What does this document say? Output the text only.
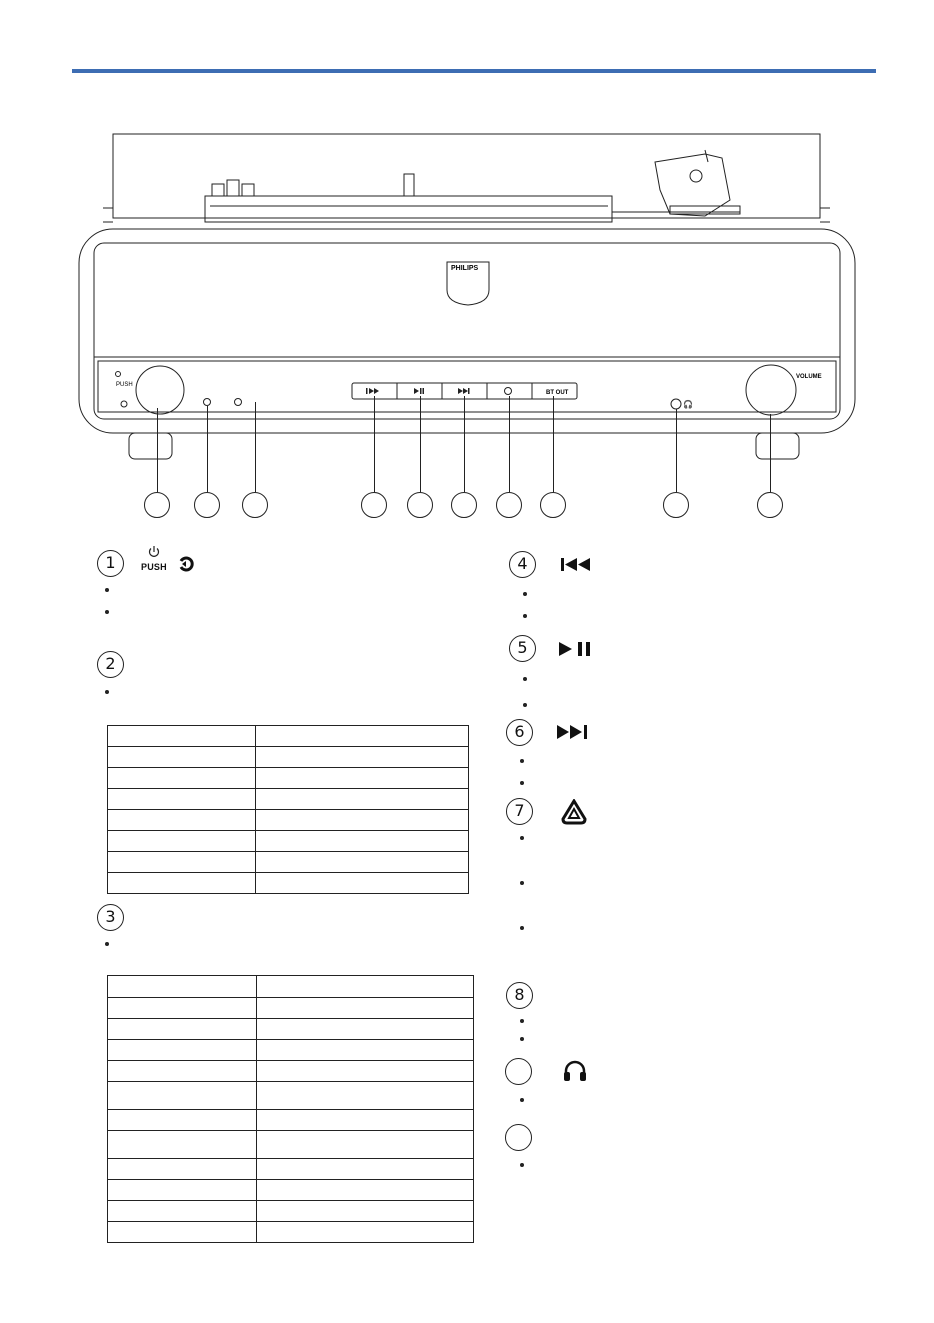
BT OUT
PUSH
VOLUME
PHILIPS
🎧
1	PUSH
2

3

4
5
6
7
8
